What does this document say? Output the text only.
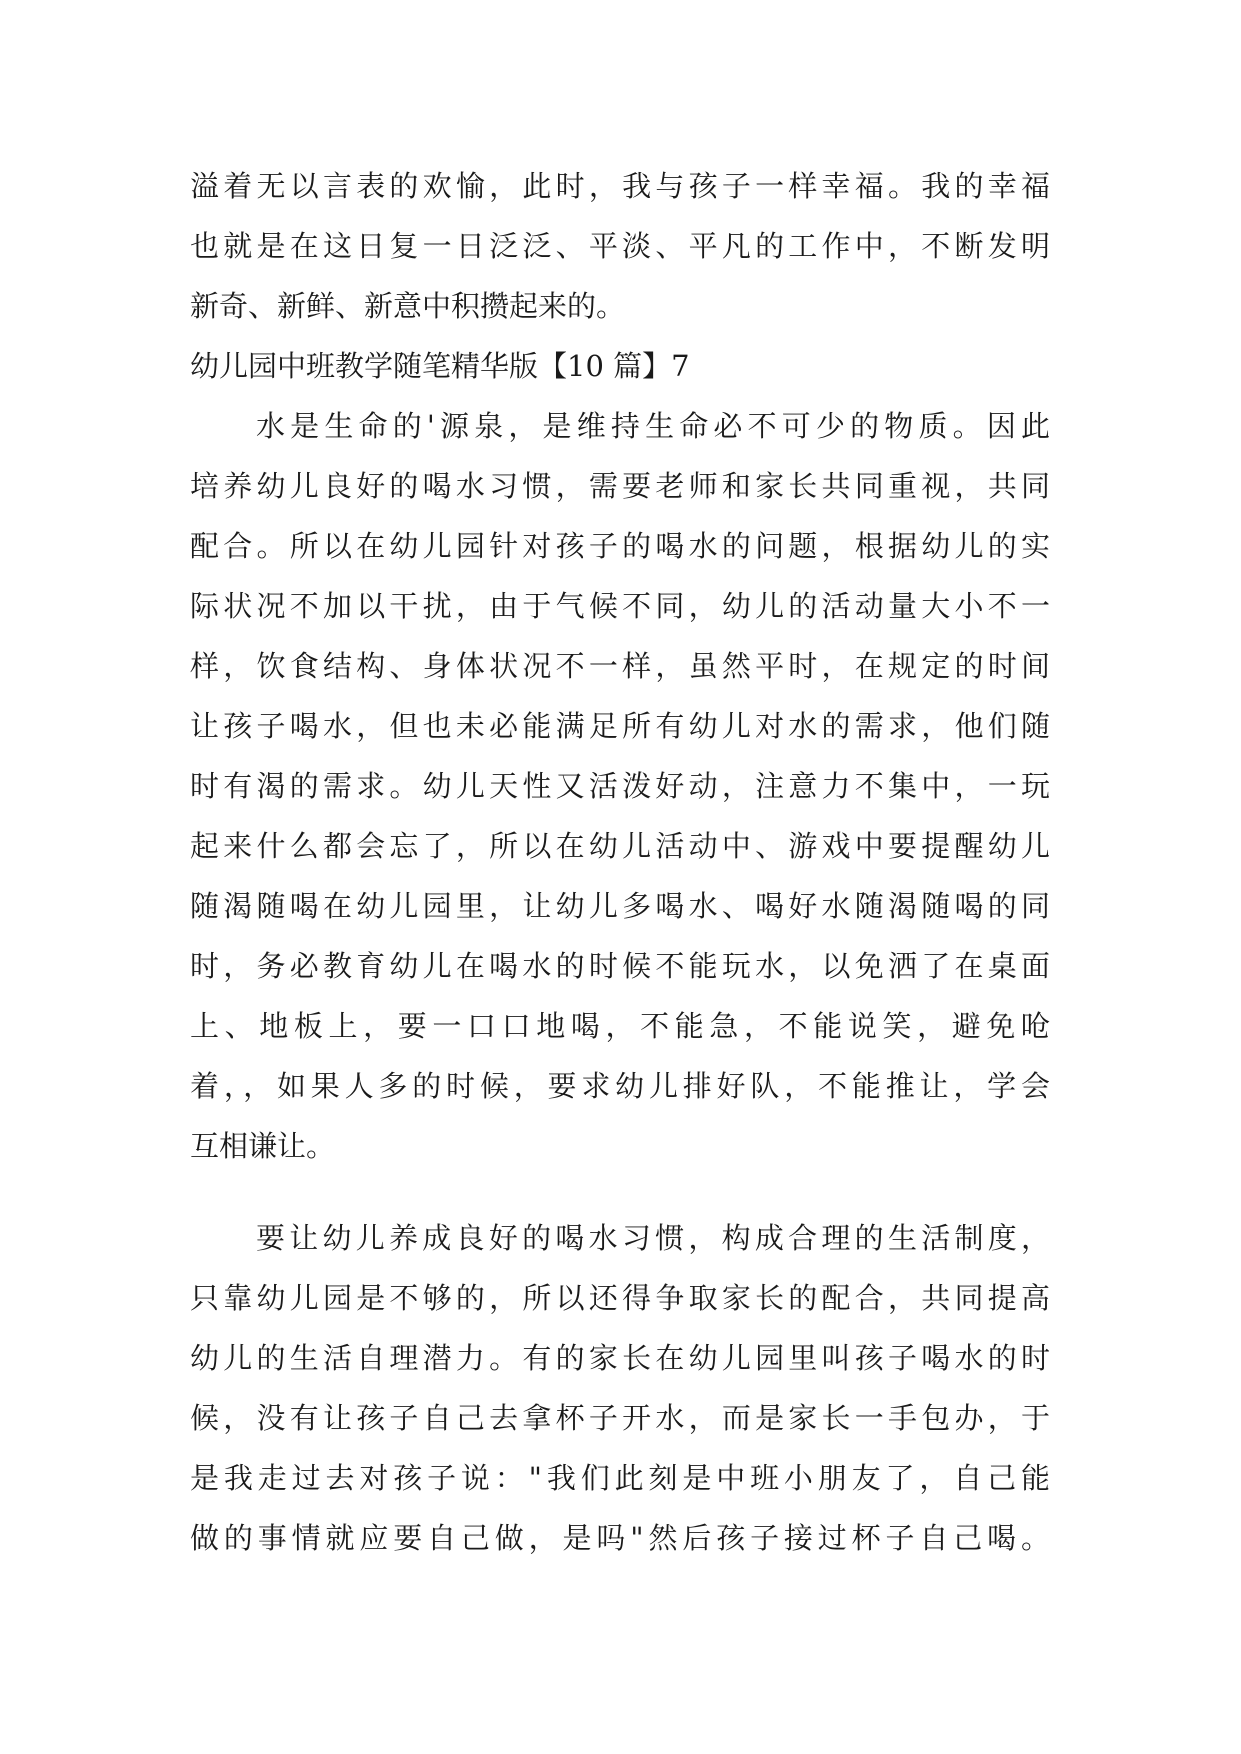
溢着无以言表的欢愉，此时，我与孩子一样幸福。我的幸福
也就是在这日复一日泛泛、平淡、平凡的工作中，不断发明
新奇、新鲜、新意中积攒起来的。
幼儿园中班教学随笔精华版【10 篇】7
水是生命的'源泉，是维持生命必不可少的物质。因此
培养幼儿良好的喝水习惯，需要老师和家长共同重视，共同
配合。所以在幼儿园针对孩子的喝水的问题，根据幼儿的实
际状况不加以干扰，由于气候不同，幼儿的活动量大小不一
样，饮食结构、身体状况不一样，虽然平时，在规定的时间
让孩子喝水，但也未必能满足所有幼儿对水的需求，他们随
时有渴的需求。幼儿天性又活泼好动，注意力不集中，一玩
起来什么都会忘了，所以在幼儿活动中、游戏中要提醒幼儿
随渴随喝在幼儿园里，让幼儿多喝水、喝好水随渴随喝的同
时，务必教育幼儿在喝水的时候不能玩水，以免洒了在桌面
上、地板上，要一口口地喝，不能急，不能说笑，避免呛
着，，如果人多的时候，要求幼儿排好队，不能推让，学会
互相谦让。
要让幼儿养成良好的喝水习惯，构成合理的生活制度，
只靠幼儿园是不够的，所以还得争取家长的配合，共同提高
幼儿的生活自理潜力。有的家长在幼儿园里叫孩子喝水的时
候，没有让孩子自己去拿杯子开水，而是家长一手包办，于
是我走过去对孩子说："我们此刻是中班小朋友了，自己能
做的事情就应要自己做，是吗"然后孩子接过杯子自己喝。
